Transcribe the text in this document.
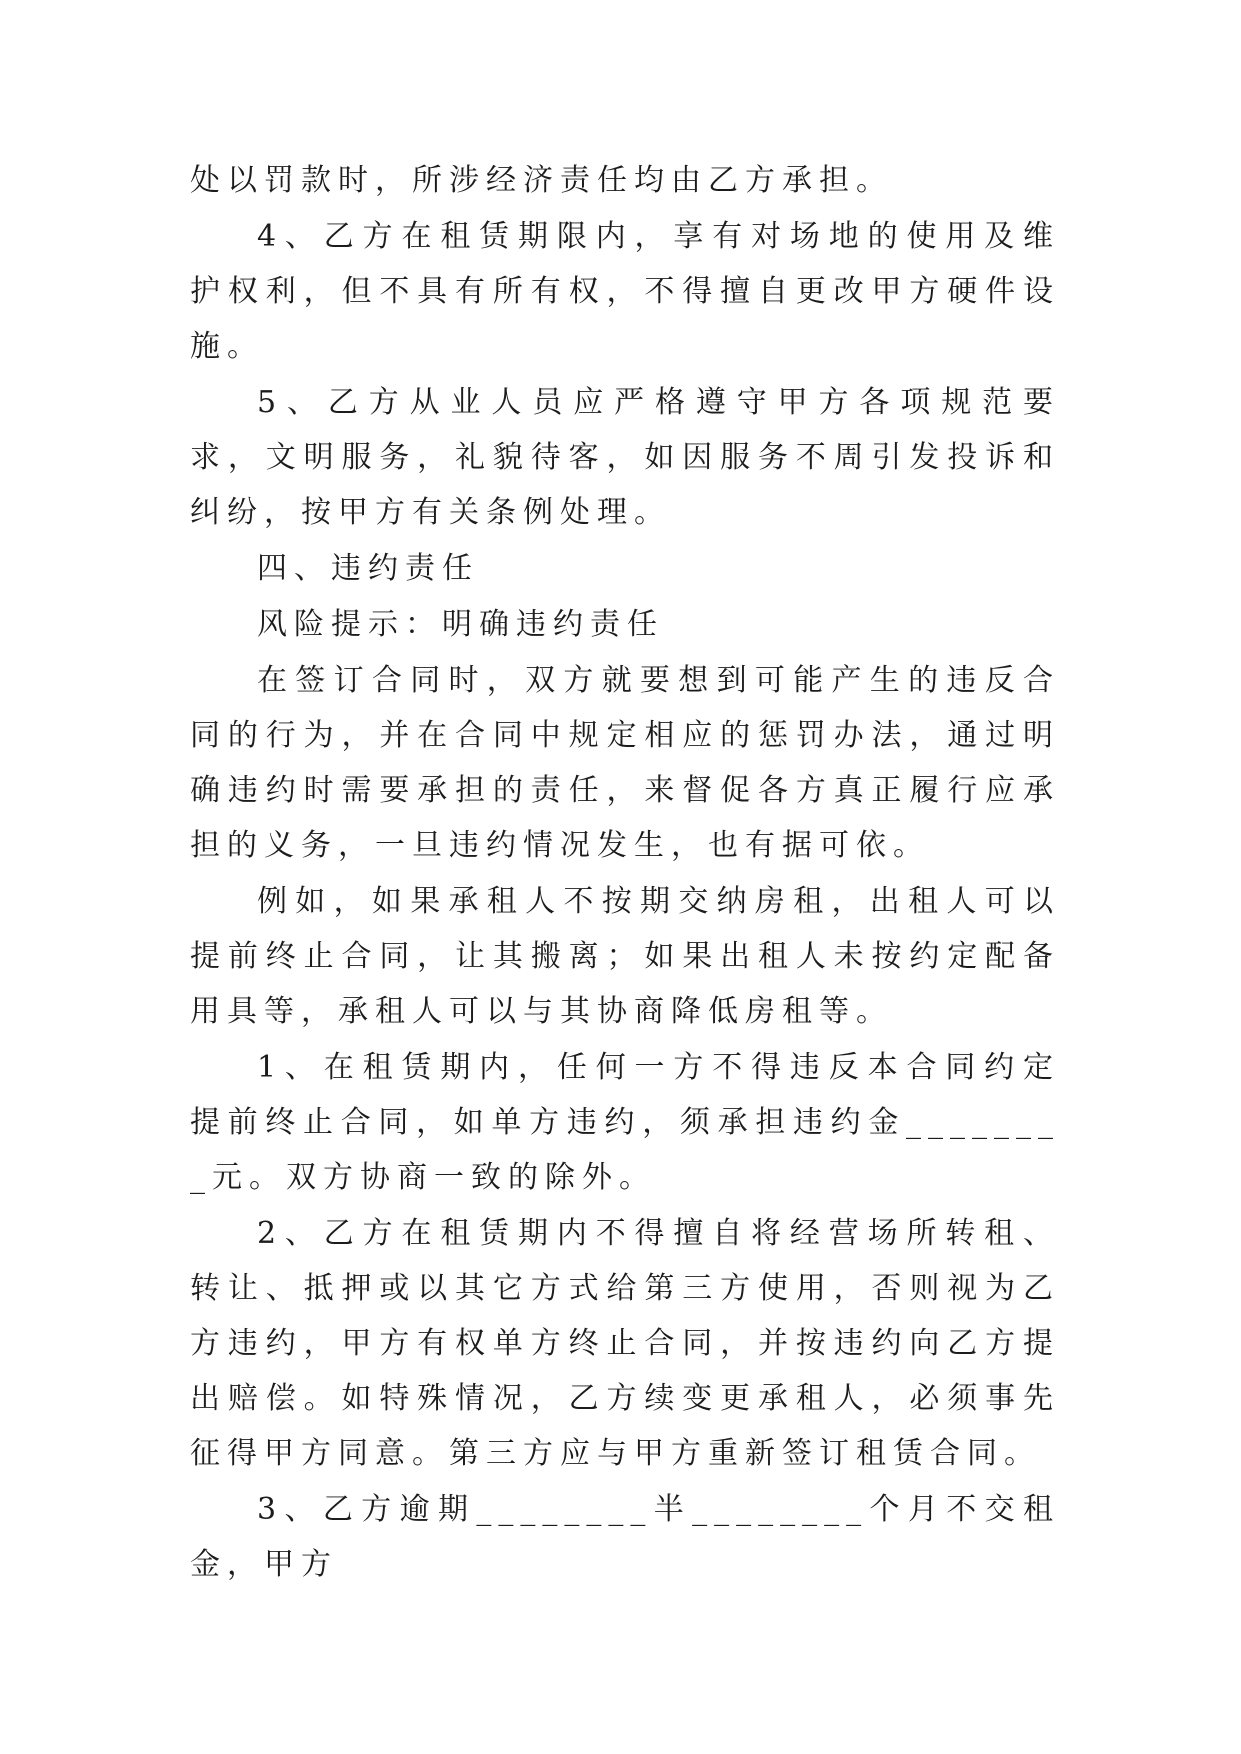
处以罚款时，所涉经济责任均由乙方承担。

4、乙方在租赁期限内，享有对场地的使用及维护权利，但不具有所有权，不得擅自更改甲方硬件设施。

5、乙方从业人员应严格遵守甲方各项规范要求，文明服务，礼貌待客，如因服务不周引发投诉和纠纷，按甲方有关条例处理。

四、违约责任

风险提示：明确违约责任

在签订合同时，双方就要想到可能产生的违反合同的行为，并在合同中规定相应的惩罚办法，通过明确违约时需要承担的责任，来督促各方真正履行应承担的义务，一旦违约情况发生，也有据可依。

例如，如果承租人不按期交纳房租，出租人可以提前终止合同，让其搬离；如果出租人未按约定配备用具等，承租人可以与其协商降低房租等。

1、在租赁期内，任何一方不得违反本合同约定提前终止合同，如单方违约，须承担违约金________元。双方协商一致的除外。

2、乙方在租赁期内不得擅自将经营场所转租、转让、抵押或以其它方式给第三方使用，否则视为乙方违约，甲方有权单方终止合同，并按违约向乙方提出赔偿。如特殊情况，乙方续变更承租人，必须事先征得甲方同意。第三方应与甲方重新签订租赁合同。

3、乙方逾期________半________个月不交租金，甲方
